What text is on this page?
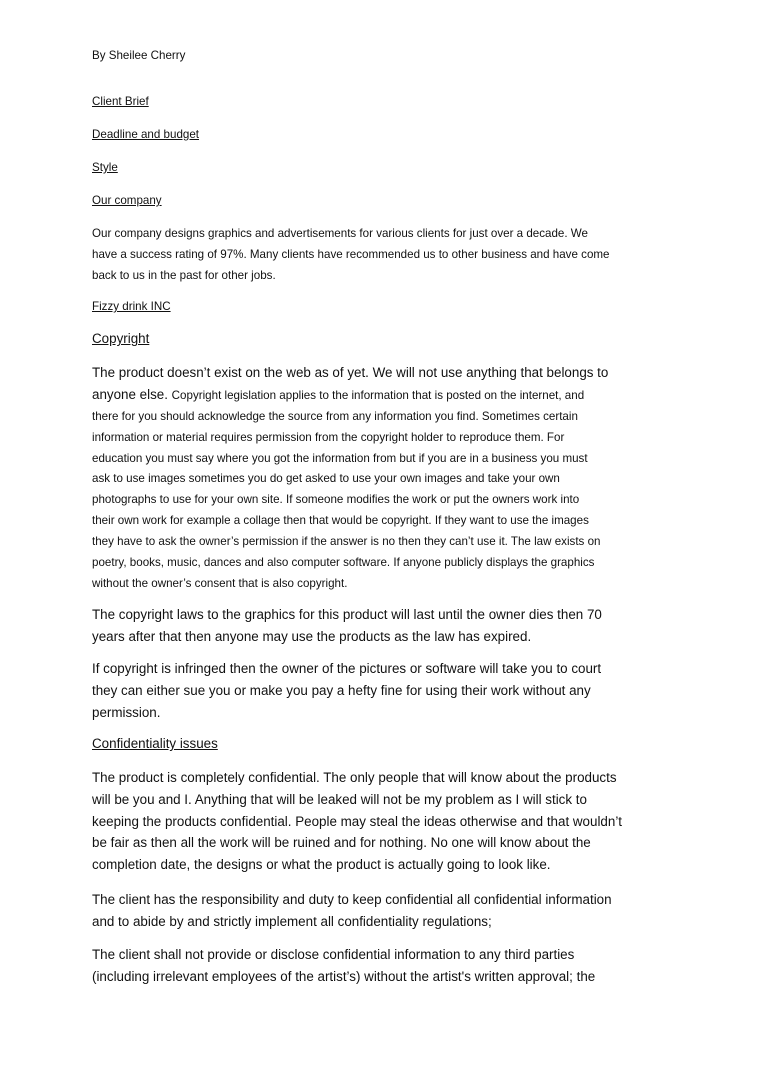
By Sheilee Cherry
Client Brief
Deadline and budget
Style
Our company
Our company designs graphics and advertisements for various clients for just over a decade. We
have a success rating of 97%. Many clients have recommended us to other business and have come
back to us in the past for other jobs.
Fizzy drink INC
Copyright
The product doesn’t exist on the web as of yet. We will not use anything that belongs to
anyone else. Copyright legislation applies to the information that is posted on the internet, and
there for you should acknowledge the source from any information you find. Sometimes certain
information or material requires permission from the copyright holder to reproduce them. For
education you must say where you got the information from but if you are in a business you must
ask to use images sometimes you do get asked to use your own images and take your own
photographs to use for your own site. If someone modifies the work or put the owners work into
their own work for example a collage then that would be copyright. If they want to use the images
they have to ask the owner’s permission if the answer is no then they can’t use it. The law exists on
poetry, books, music, dances and also computer software. If anyone publicly displays the graphics
without the owner’s consent that is also copyright.
The copyright laws to the graphics for this product will last until the owner dies then 70
years after that then anyone may use the products as the law has expired.
If copyright is infringed then the owner of the pictures or software will take you to court
they can either sue you or make you pay a hefty fine for using their work without any
permission.
Confidentiality issues
The product is completely confidential. The only people that will know about the products
will be you and I. Anything that will be leaked will not be my problem as I will stick to
keeping the products confidential. People may steal the ideas otherwise and that wouldn’t
be fair as then all the work will be ruined and for nothing. No one will know about the
completion date, the designs or what the product is actually going to look like.
The client has the responsibility and duty to keep confidential all confidential information
and to abide by and strictly implement all confidentiality regulations;
The client shall not provide or disclose confidential information to any third parties
(including irrelevant employees of the artist’s) without the artist's written approval; the
